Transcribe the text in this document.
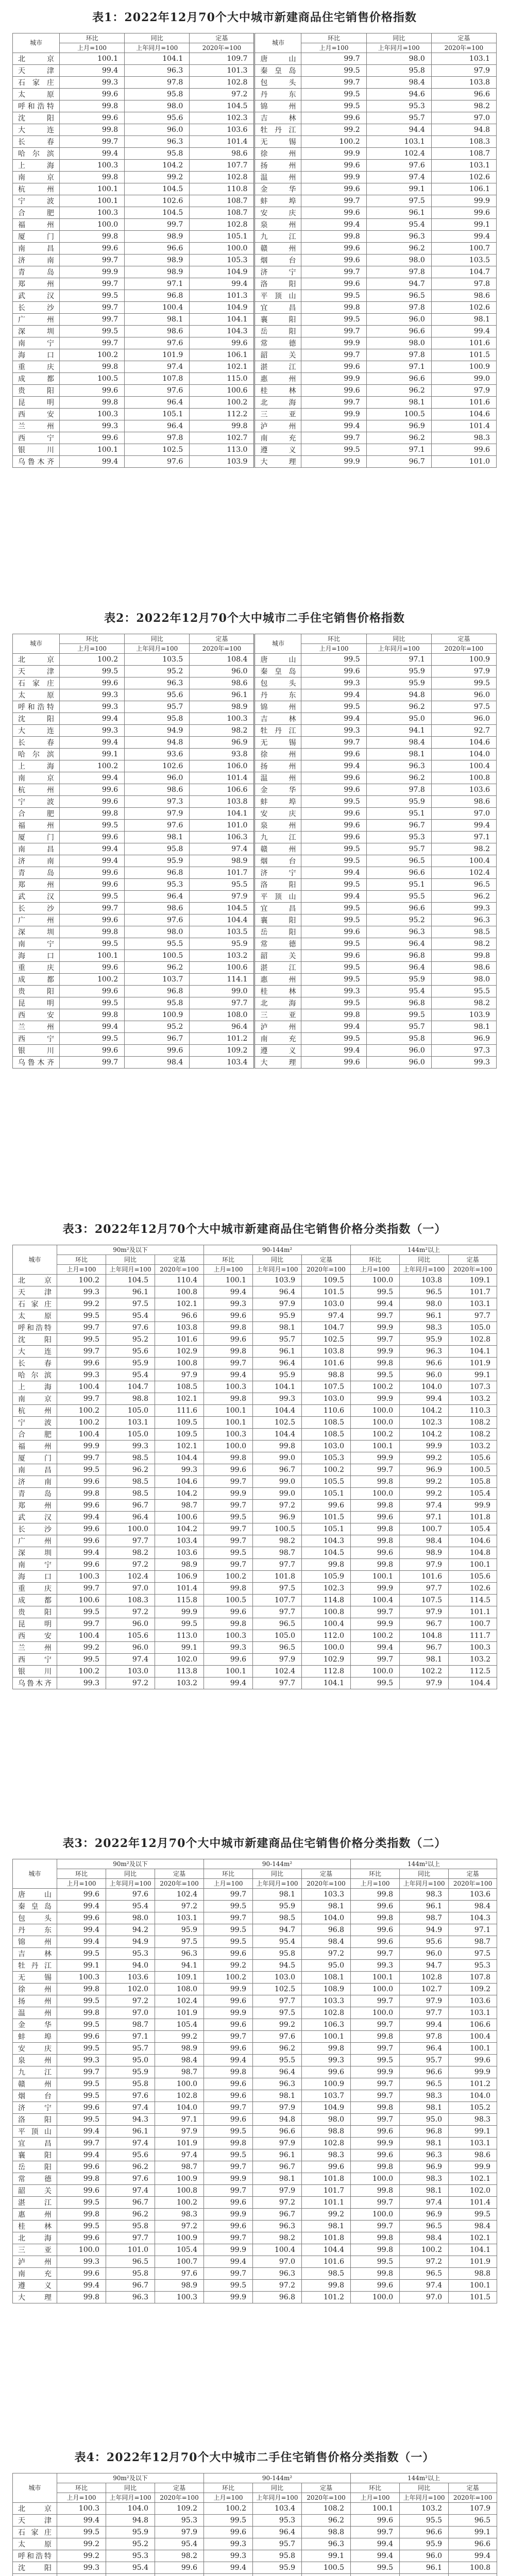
表1：2022年12月70个大中城市新建商品住宅销售价格指数
城市	环比	同比	定基	城市	环比	同比	定基
	上月=100	上年同月=100	2020年=100		上月=100	上年同月=100	2020年=100
北　京	100.1	104.1	109.7	唐　山	99.7	98.0	103.1
天　津	99.4	96.3	101.3	秦皇岛	99.5	95.8	97.9
石家庄	99.3	97.8	102.8	包　头	99.7	98.4	103.8
太　原	99.6	95.8	97.2	丹　东	99.5	94.6	96.6
呼和浩特	99.8	98.0	104.5	锦　州	99.5	95.3	98.2
沈　阳	99.6	95.6	102.3	吉　林	99.6	95.7	97.0
大　连	99.8	96.0	103.6	牡丹江	99.2	94.4	94.8
长　春	99.7	96.3	101.4	无　锡	100.2	103.1	108.3
哈尔滨	99.4	95.8	98.6	徐　州	99.9	102.4	108.7
上　海	100.3	104.2	107.7	扬　州	99.6	97.6	103.1
南　京	99.8	99.2	102.8	温　州	99.9	97.4	102.6
杭　州	100.1	104.5	110.8	金　华	99.6	99.1	106.1
宁　波	100.1	102.6	108.7	蚌　埠	99.7	97.5	99.9
合　肥	100.3	104.5	108.7	安　庆	99.6	96.1	99.6
福　州	100.0	99.7	102.8	泉　州	99.4	95.4	99.1
厦　门	99.8	98.9	105.1	九　江	99.8	96.3	99.4
南　昌	99.6	96.6	100.0	赣　州	99.6	96.2	100.7
济　南	99.7	98.9	105.3	烟　台	99.6	98.0	103.5
青　岛	99.9	98.9	104.9	济　宁	99.7	97.8	104.7
郑　州	99.7	97.1	99.4	洛　阳	99.6	94.7	97.8
武　汉	99.5	96.8	101.3	平顶山	99.5	96.5	98.6
长　沙	99.7	100.4	104.9	宜　昌	99.8	97.8	102.6
广　州	99.7	98.1	104.1	襄　阳	99.5	96.0	98.1
深　圳	99.5	98.6	104.3	岳　阳	99.7	96.6	99.4
南　宁	99.7	97.6	99.6	常　德	99.9	98.0	101.6
海　口	100.2	101.9	106.1	韶　关	99.7	97.8	101.5
重　庆	99.8	97.4	102.1	湛　江	99.6	97.1	100.9
成　都	100.5	107.8	115.0	惠　州	99.9	96.6	99.0
贵　阳	99.6	97.6	100.6	桂　林	99.6	96.2	97.9
昆　明	99.8	96.4	100.2	北　海	99.7	98.1	101.6
西　安	100.3	105.1	112.2	三　亚	99.9	100.5	104.6
兰　州	99.3	96.4	99.8	泸　州	99.4	96.9	101.4
西　宁	99.6	97.8	102.7	南　充	99.7	96.2	98.3
银　川	100.1	102.5	113.0	遵　义	99.5	97.1	99.6
乌鲁木齐	99.4	97.6	103.9	大　理	99.9	96.7	101.0
表2：2022年12月70个大中城市二手住宅销售价格指数
城市	环比	同比	定基	城市	环比	同比	定基
	上月=100	上年同月=100	2020年=100		上月=100	上年同月=100	2020年=100
北　京	100.2	103.5	108.4	唐　山	99.5	97.1	100.9
天　津	99.5	95.2	96.0	秦皇岛	99.6	95.9	97.9
石家庄	99.6	96.3	98.6	包　头	99.3	95.9	99.5
太　原	99.3	95.6	96.1	丹　东	99.4	94.8	96.0
呼和浩特	99.3	95.7	98.9	锦　州	99.5	96.2	97.5
沈　阳	99.4	95.8	100.3	吉　林	99.4	95.0	96.0
大　连	99.3	94.9	98.2	牡丹江	99.3	94.1	92.7
长　春	99.4	94.8	96.9	无　锡	99.7	98.4	104.6
哈尔滨	99.1	93.6	93.8	徐　州	99.6	98.1	104.0
上　海	100.2	102.6	106.0	扬　州	99.4	96.3	100.4
南　京	99.4	96.0	101.4	温　州	99.6	96.2	100.8
杭　州	99.6	98.6	106.6	金　华	99.6	97.8	103.6
宁　波	99.6	97.3	103.8	蚌　埠	99.5	95.9	98.6
合　肥	99.8	97.9	104.1	安　庆	99.6	95.1	97.0
福　州	99.5	97.6	101.0	泉　州	99.6	96.7	99.4
厦　门	99.6	98.1	106.3	九　江	99.6	95.3	97.1
南　昌	99.4	95.8	97.4	赣　州	99.5	95.7	98.2
济　南	99.4	95.9	98.9	烟　台	99.5	96.5	100.4
青　岛	99.6	96.8	101.7	济　宁	99.4	96.6	102.4
郑　州	99.6	95.3	95.5	洛　阳	99.5	95.1	96.5
武　汉	99.5	96.4	97.9	平顶山	99.4	95.5	96.2
长　沙	99.7	98.6	104.5	宜　昌	99.5	96.6	99.3
广　州	99.6	97.6	104.4	襄　阳	99.5	95.2	96.3
深　圳	99.8	98.0	103.5	岳　阳	99.6	96.3	98.5
南　宁	99.5	95.5	95.9	常　德	99.5	96.4	98.2
海　口	100.1	100.5	103.2	韶　关	99.6	96.8	99.8
重　庆	99.6	96.2	100.6	湛　江	99.5	96.4	98.6
成　都	100.2	103.7	114.1	惠　州	99.5	95.9	98.0
贵　阳	99.6	96.8	99.0	桂　林	99.3	95.4	95.5
昆　明	99.5	95.8	97.7	北　海	99.5	96.8	98.2
西　安	99.8	100.9	108.0	三　亚	99.8	99.5	103.9
兰　州	99.4	95.2	96.4	泸　州	99.4	95.7	98.1
西　宁	99.5	96.7	101.2	南　充	99.5	95.8	96.9
银　川	99.6	99.6	109.2	遵　义	99.4	96.0	97.3
乌鲁木齐	99.7	98.4	103.4	大　理	99.6	96.0	99.3
表3：2022年12月70个大中城市新建商品住宅销售价格分类指数（一）
城市	90m²及以下			90-144m²			144m²以上		
	环比	同比	定基	环比	同比	定基	环比	同比	定基
	上月=100	上年同月=100	2020年=100	上月=100	上年同月=100	2020年=100	上月=100	上年同月=100	2020年=100
北　京	100.2	104.5	110.4	100.1	103.9	109.5	100.0	103.8	109.1
天　津	99.3	96.1	100.8	99.4	96.4	101.5	99.5	96.5	101.7
石家庄	99.2	97.5	102.1	99.3	97.9	103.0	99.4	98.0	103.1
太　原	99.5	95.4	96.6	99.6	95.9	97.4	99.7	96.1	97.7
呼和浩特	99.7	97.6	103.8	99.8	98.1	104.7	99.9	98.3	105.0
沈　阳	99.5	95.2	101.6	99.6	95.7	102.5	99.7	95.9	102.8
大　连	99.7	95.6	102.9	99.8	96.1	103.8	99.9	96.3	104.1
长　春	99.6	95.9	100.8	99.7	96.4	101.6	99.8	96.6	101.9
哈尔滨	99.3	95.4	97.9	99.4	95.9	98.8	99.5	96.0	99.1
上　海	100.4	104.7	108.5	100.3	104.1	107.5	100.2	104.0	107.3
南　京	99.7	98.8	102.1	99.8	99.3	103.0	99.9	99.4	103.2
杭　州	100.2	105.0	111.6	100.1	104.4	110.6	100.0	104.2	110.3
宁　波	100.2	103.1	109.5	100.1	102.5	108.5	100.0	102.3	108.2
合　肥	100.4	105.0	109.5	100.3	104.4	108.5	100.2	104.2	108.2
福　州	99.9	99.3	102.1	100.0	99.8	103.0	100.1	99.9	103.2
厦　门	99.7	98.5	104.4	99.8	99.0	105.3	99.9	99.2	105.6
南　昌	99.5	96.2	99.3	99.6	96.7	100.2	99.7	96.9	100.5
济　南	99.6	98.5	104.6	99.7	99.0	105.5	99.8	99.2	105.8
青　岛	99.8	98.5	104.2	99.9	99.0	105.1	100.0	99.2	105.4
郑　州	99.6	96.7	98.7	99.7	97.2	99.6	99.8	97.4	99.9
武　汉	99.4	96.4	100.6	99.5	96.9	101.5	99.6	97.1	101.8
长　沙	99.6	100.0	104.2	99.7	100.5	105.1	99.8	100.7	105.4
广　州	99.6	97.7	103.4	99.7	98.2	104.3	99.8	98.4	104.6
深　圳	99.4	98.2	103.6	99.5	98.7	104.5	99.6	98.9	104.8
南　宁	99.6	97.2	98.9	99.7	97.7	99.8	99.8	97.9	100.1
海　口	100.3	102.4	106.9	100.2	101.8	105.9	100.1	101.6	105.6
重　庆	99.7	97.0	101.4	99.8	97.5	102.3	99.9	97.7	102.6
成　都	100.6	108.3	115.8	100.5	107.7	114.8	100.4	107.5	114.5
贵　阳	99.5	97.2	99.9	99.6	97.7	100.8	99.7	97.9	101.1
昆　明	99.7	96.0	99.5	99.8	96.5	100.4	99.9	96.7	100.7
西　安	100.4	105.6	113.0	100.3	105.0	112.0	100.2	104.8	111.7
兰　州	99.2	96.0	99.1	99.3	96.5	100.0	99.4	96.7	100.3
西　宁	99.5	97.4	102.0	99.6	97.9	102.9	99.7	98.1	103.2
银　川	100.2	103.0	113.8	100.1	102.4	112.8	100.0	102.2	112.5
乌鲁木齐	99.3	97.2	103.2	99.4	97.7	104.1	99.5	97.9	104.4
表3：2022年12月70个大中城市新建商品住宅销售价格分类指数（二）
城市	90m²及以下			90-144m²			144m²以上		
	环比	同比	定基	环比	同比	定基	环比	同比	定基
	上月=100	上年同月=100	2020年=100	上月=100	上年同月=100	2020年=100	上月=100	上年同月=100	2020年=100
唐　山	99.6	97.6	102.4	99.7	98.1	103.3	99.8	98.3	103.6
秦皇岛	99.4	95.4	97.2	99.5	95.9	98.1	99.6	96.1	98.4
包　头	99.6	98.0	103.1	99.7	98.5	104.0	99.8	98.7	104.3
丹　东	99.4	94.2	95.9	99.5	94.7	96.8	99.6	94.9	97.1
锦　州	99.4	94.9	97.5	99.5	95.4	98.4	99.6	95.6	98.7
吉　林	99.5	95.3	96.3	99.6	95.8	97.2	99.7	96.0	97.5
牡丹江	99.1	94.0	94.1	99.2	94.5	95.0	99.3	94.7	95.3
无　锡	100.3	103.6	109.1	100.2	103.0	108.1	100.1	102.8	107.8
徐　州	99.8	102.0	108.0	99.9	102.5	108.9	100.0	102.7	109.2
扬　州	99.5	97.2	102.4	99.6	97.7	103.3	99.7	97.9	103.6
温　州	99.8	97.0	101.9	99.9	97.5	102.8	100.0	97.7	103.1
金　华	99.5	98.7	105.4	99.6	99.2	106.3	99.7	99.4	106.6
蚌　埠	99.6	97.1	99.2	99.7	97.6	100.1	99.8	97.8	100.4
安　庆	99.5	95.7	98.9	99.6	96.2	99.8	99.7	96.4	100.1
泉　州	99.3	95.0	98.4	99.4	95.5	99.3	99.5	95.7	99.6
九　江	99.7	95.9	98.7	99.8	96.4	99.6	99.9	96.6	99.9
赣　州	99.5	95.8	100.0	99.6	96.3	100.9	99.7	96.5	101.2
烟　台	99.5	97.6	102.8	99.6	98.1	103.7	99.7	98.3	104.0
济　宁	99.6	97.4	104.0	99.7	97.9	104.9	99.8	98.1	105.2
洛　阳	99.5	94.3	97.1	99.6	94.8	98.0	99.7	95.0	98.3
平顶山	99.4	96.1	97.9	99.5	96.6	98.8	99.6	96.8	99.1
宜　昌	99.7	97.4	101.9	99.8	97.9	102.8	99.9	98.1	103.1
襄　阳	99.4	95.6	97.4	99.5	96.1	98.3	99.6	96.3	98.6
岳　阳	99.6	96.2	98.7	99.7	96.7	99.6	99.8	96.9	99.9
常　德	99.8	97.6	100.9	99.9	98.1	101.8	100.0	98.3	102.1
韶　关	99.6	97.4	100.8	99.7	97.9	101.7	99.8	98.1	102.0
湛　江	99.5	96.7	100.2	99.6	97.2	101.1	99.7	97.4	101.4
惠　州	99.8	96.2	98.3	99.9	96.7	99.2	100.0	96.9	99.5
桂　林	99.5	95.8	97.2	99.6	96.3	98.1	99.7	96.5	98.4
北　海	99.6	97.7	100.9	99.7	98.2	101.8	99.8	98.4	102.1
三　亚	100.0	101.0	105.4	99.9	100.4	104.4	99.8	100.2	104.1
泸　州	99.3	96.5	100.7	99.4	97.0	101.6	99.5	97.2	101.9
南　充	99.6	95.8	97.6	99.7	96.3	98.5	99.8	96.5	98.8
遵　义	99.4	96.7	98.9	99.5	97.2	99.8	99.6	97.4	100.1
大　理	99.8	96.3	100.3	99.9	96.8	101.2	100.0	97.0	101.5
表4：2022年12月70个大中城市二手住宅销售价格分类指数（一）
城市	90m²及以下			90-144m²			144m²以上		
	环比	同比	定基	环比	同比	定基	环比	同比	定基
	上月=100	上年同月=100	2020年=100	上月=100	上年同月=100	2020年=100	上月=100	上年同月=100	2020年=100
北　京	100.3	104.0	109.2	100.2	103.4	108.2	100.1	103.2	107.9
天　津	99.4	94.8	95.3	99.5	95.3	96.2	99.6	95.5	96.5
石家庄	99.5	95.9	97.9	99.6	96.4	98.8	99.7	96.6	99.1
太　原	99.2	95.2	95.4	99.3	95.7	96.3	99.4	95.9	96.6
呼和浩特	99.2	95.3	98.2	99.3	95.8	99.1	99.4	96.0	99.4
沈　阳	99.3	95.4	99.6	99.4	95.9	100.5	99.5	96.1	100.8
